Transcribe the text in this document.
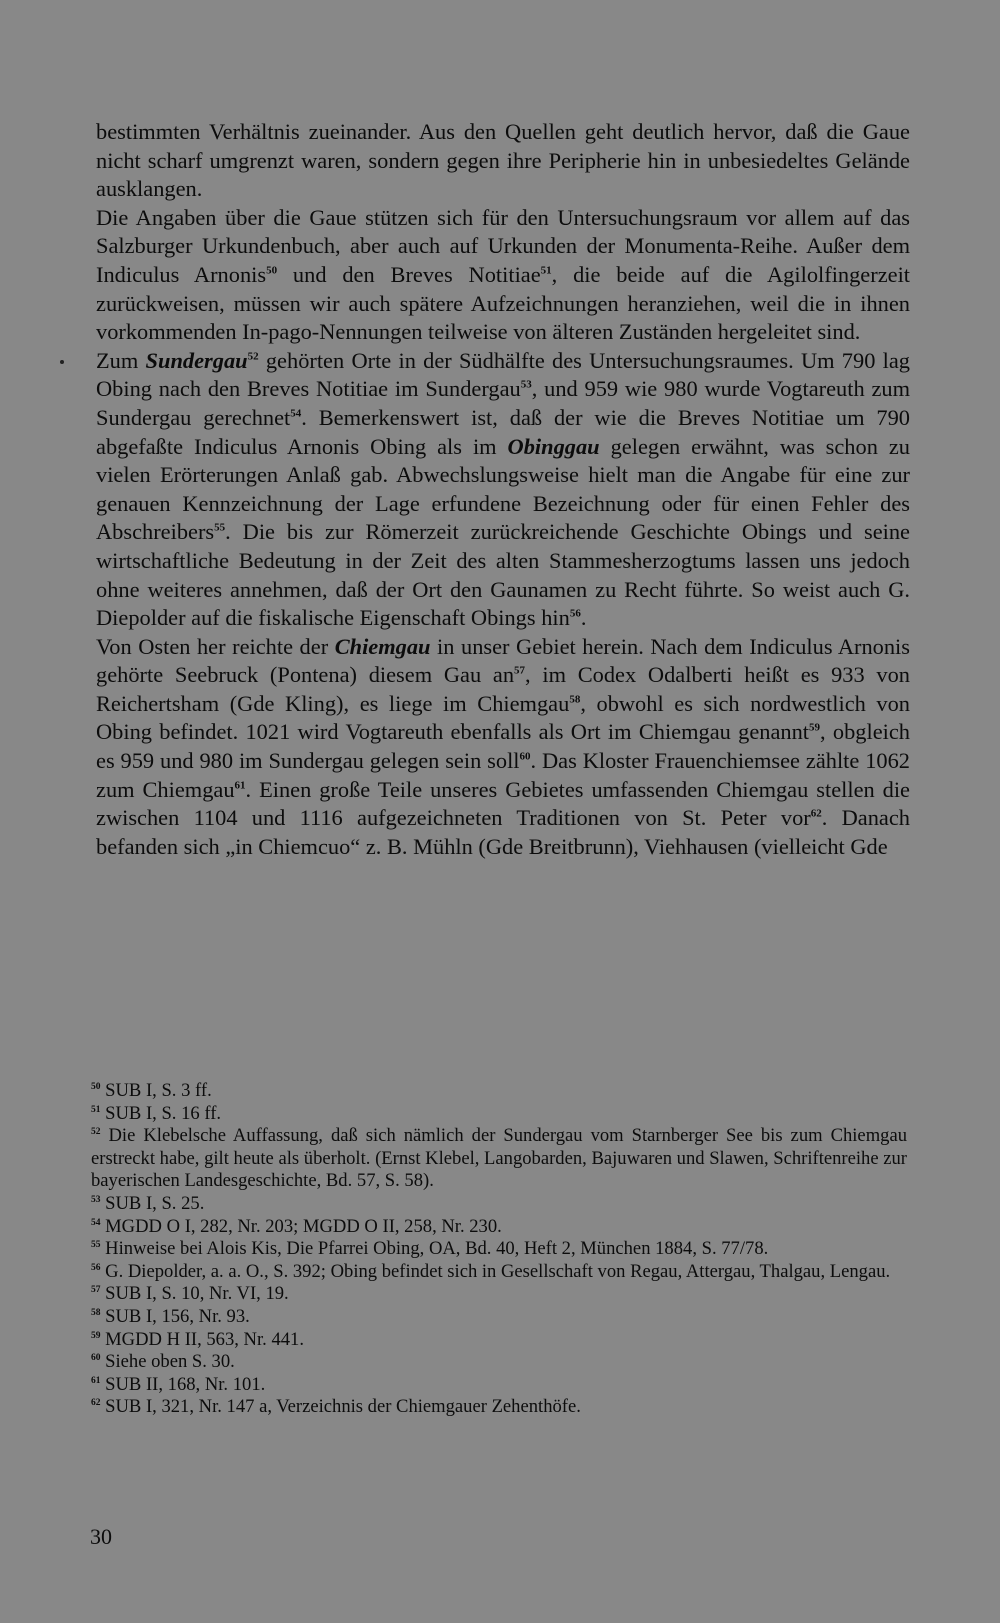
bestimmten Verhältnis zueinander. Aus den Quellen geht deutlich hervor, daß die Gaue nicht scharf umgrenzt waren, sondern gegen ihre Peripherie hin in unbesiedeltes Gelände ausklangen.

Die Angaben über die Gaue stützen sich für den Untersuchungsraum vor allem auf das Salzburger Urkundenbuch, aber auch auf Urkunden der Monumenta-Reihe. Außer dem Indiculus Arnonis$^{50}$ und den Breves Notitiae$^{51}$, die beide auf die Agilolfingerzeit zurückweisen, müssen wir auch spätere Aufzeichnungen heranziehen, weil die in ihnen vorkommenden In-pago-Nennungen teilweise von älteren Zuständen hergeleitet sind.

Zum Sundergau$^{52}$ gehörten Orte in der Südhälfte des Untersuchungsraumes. Um 790 lag Obing nach den Breves Notitiae im Sundergau$^{53}$, und 959 wie 980 wurde Vogtareuth zum Sundergau gerechnet$^{54}$. Bemerkenswert ist, daß der wie die Breves Notitiae um 790 abgefaßte Indiculus Arnonis Obing als im Obinggau gelegen erwähnt, was schon zu vielen Erörterungen Anlaß gab. Abwechslungsweise hielt man die Angabe für eine zur genauen Kennzeichnung der Lage erfundene Bezeichnung oder für einen Fehler des Abschreibers$^{55}$. Die bis zur Römerzeit zurückreichende Geschichte Obings und seine wirtschaftliche Bedeutung in der Zeit des alten Stammesherzogtums lassen uns jedoch ohne weiteres annehmen, daß der Ort den Gaunamen zu Recht führte. So weist auch G. Diepolder auf die fiskalische Eigenschaft Obings hin$^{56}$.

Von Osten her reichte der Chiemgau in unser Gebiet herein. Nach dem Indiculus Arnonis gehörte Seebruck (Pontena) diesem Gau $an^{57}$, im Codex Odalberti heißt es 933 von Reichertsham (Gde Kling), es liege im Chiemgau$^{58}$, obwohl es sich nordwestlich von Obing befindet. 1021 wird Vogtareuth ebenfalls als Ort im Chiemgau genannt$^{59}$, obgleich es 959 und 980 im Sundergau gelegen sein soll$^{60}$. Das Kloster Frauenchiemsee zählte 1062 zum Chiemgau$^{61}$. Einen große Teile unseres Gebietes umfassenden Chiemgau stellen die zwischen 1104 und 1116 aufgezeichneten Traditionen von St. Peter vor$^{62}$. Danach befanden sich „in Chiemcuo“ z. B. Mühln (Gde Breitbrunn), Viehhausen (vielleicht Gde

$^{50}$ SUB I, S. 3 ff.

$^{51}$ SUB I, S. 16 ff.

$^{52}$ Die Klebelsche Auffassung, daß sich nämlich der Sundergau vom Starnberger See bis zum Chiemgau erstreckt habe, gilt heute als überholt. (Ernst Klebel, Langobarden, Bajuwaren und Slawen, Schriftenreihe zur bayerischen Landesgeschichte, Bd. 57, S. 58).

$^{53}$ SUB I, S. 25.

$^{54}$ MGDD O I, 282, Nr. 203; MGDD O II, 258, Nr. 230.

$^{55}$ Hinweise bei Alois Kis, Die Pfarrei Obing, OA, Bd. 40, Heft 2, München 1884, S. 77/78.

$^{56}$ G. Diepolder, a. a. O., S. 392; Obing befindet sich in Gesellschaft von Regau, Attergau, Thalgau, Lengau.

$^{57}$ SUB I, S. 10, Nr. VI, 19.

$^{58}$ SUB I, 156, Nr. 93.

$^{59}$ MGDD H II, 563, Nr. 441.

$^{60}$ Siehe oben S. 30.

$^{61}$ SUB II, 168, Nr. 101.

$^{62}$ SUB I, 321, Nr. 147 a, Verzeichnis der Chiemgauer Zehenthöfe.

30
